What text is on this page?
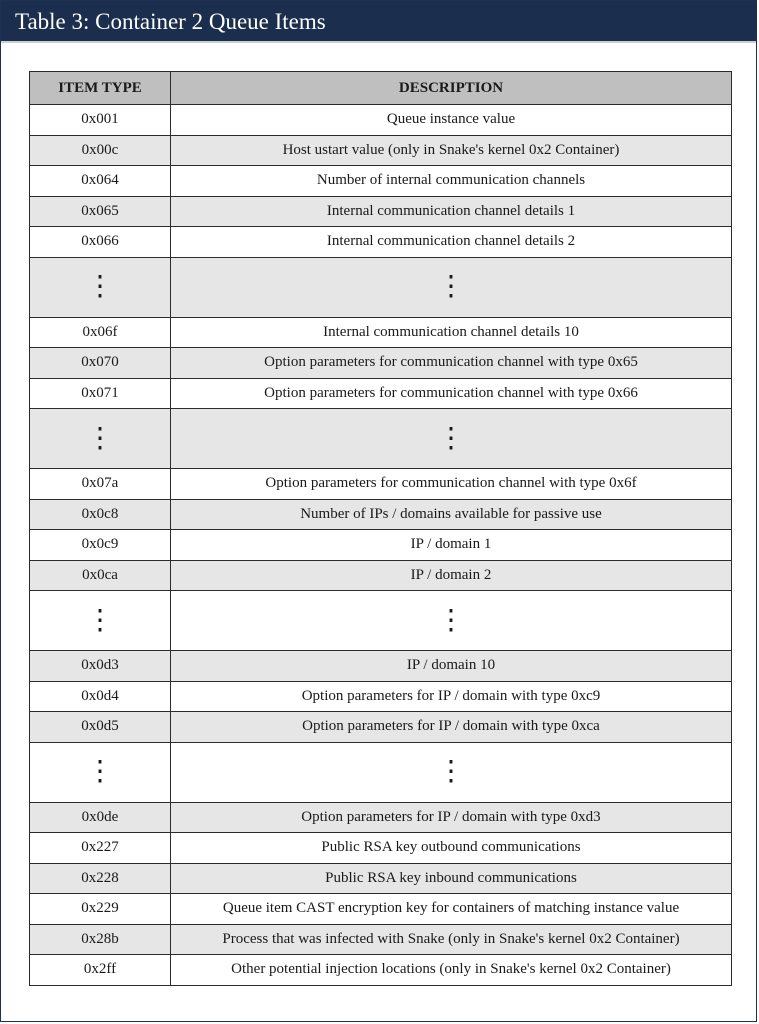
Table 3: Container 2 Queue Items
ITEM TYPE	DESCRIPTION
0x001	Queue instance value
0x00c	Host ustart value (only in Snake's kernel 0x2 Container)
0x064	Number of internal communication channels
0x065	Internal communication channel details 1
0x066	Internal communication channel details 2
⋮	⋮
0x06f	Internal communication channel details 10
0x070	Option parameters for communication channel with type 0x65
0x071	Option parameters for communication channel with type 0x66
⋮	⋮
0x07a	Option parameters for communication channel with type 0x6f
0x0c8	Number of IPs / domains available for passive use
0x0c9	IP / domain 1
0x0ca	IP / domain 2
⋮	⋮
0x0d3	IP / domain 10
0x0d4	Option parameters for IP / domain with type 0xc9
0x0d5	Option parameters for IP / domain with type 0xca
⋮	⋮
0x0de	Option parameters for IP / domain with type 0xd3
0x227	Public RSA key outbound communications
0x228	Public RSA key inbound communications
0x229	Queue item CAST encryption key for containers of matching instance value
0x28b	Process that was infected with Snake (only in Snake's kernel 0x2 Container)
0x2ff	Other potential injection locations (only in Snake's kernel 0x2 Container)
